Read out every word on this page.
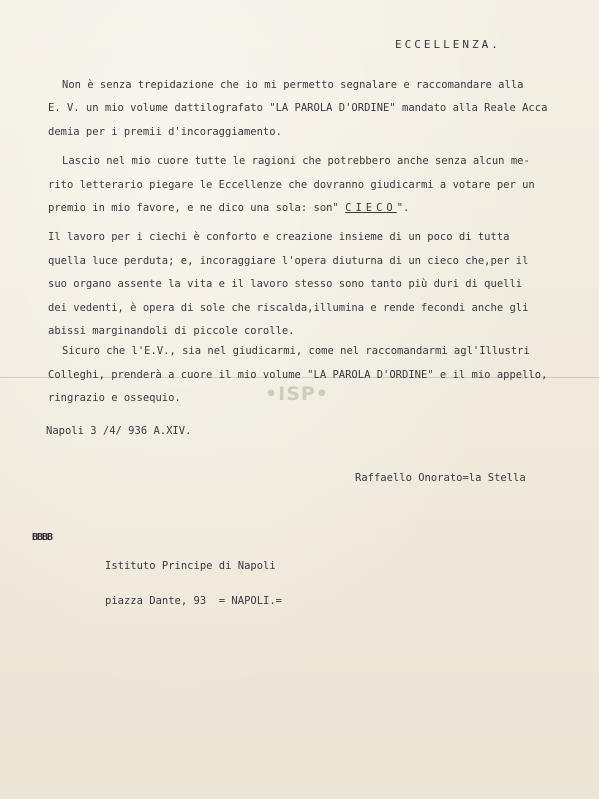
ECCELLENZA.
Non è senza trepidazione che io mi permetto segnalare e raccomandare alla
E. V. un mio volume dattilografato "LA PAROLA D'ORDINE" mandato alla Reale Acca
demia per i premii d'incoraggiamento.
Lascio nel mio cuore tutte le ragioni che potrebbero anche senza alcun me-
rito letterario piegare le Eccellenze che dovranno giudicarmi a votare per un
premio in mio favore, e ne dico una sola: son" CIECO".
Il lavoro per i ciechi è conforto e creazione insieme di un poco di tutta
quella luce perduta; e, incoraggiare l'opera diuturna di un cieco che,per il
suo organo assente la vita e il lavoro stesso sono tanto più duri di quelli
dei vedenti, è opera di sole che riscalda,illumina e rende fecondi anche gli
abissi marginandoli di piccole corolle.
Sicuro che l'E.V., sia nel giudicarmi, come nel raccomandarmi agl'Illustri
Colleghi, prenderà a cuore il mio volume "LA PAROLA D'ORDINE" e il mio appello,
ringrazio e ossequio.	•ISP•
Napoli 3 /4/ 936 A.XIV.
Raffaello Onorato=la Stella
BBBB
Istituto Principe di Napoli
piazza Dante, 93  = NAPOLI.=
